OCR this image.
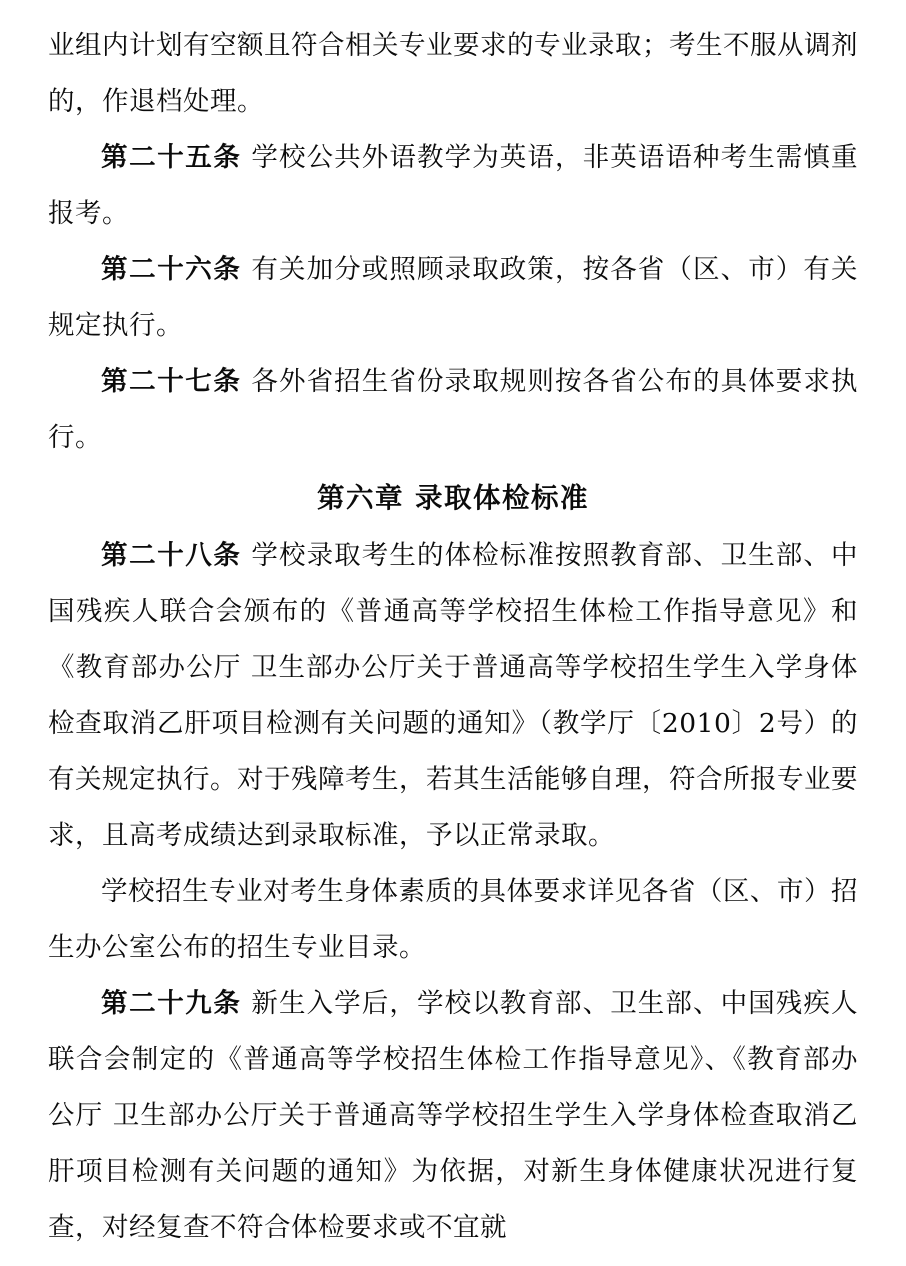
业组内计划有空额且符合相关专业要求的专业录取；考生不服从调剂的，作退档处理。

第二十五条 学校公共外语教学为英语，非英语语种考生需慎重报考。

第二十六条 有关加分或照顾录取政策，按各省（区、市）有关规定执行。

第二十七条 各外省招生省份录取规则按各省公布的具体要求执行。

第六章 录取体检标准

第二十八条 学校录取考生的体检标准按照教育部、卫生部、中国残疾人联合会颁布的《普通高等学校招生体检工作指导意见》和《教育部办公厅 卫生部办公厅关于普通高等学校招生学生入学身体检查取消乙肝项目检测有关问题的通知》（教学厅〔2010〕2号）的有关规定执行。对于残障考生，若其生活能够自理，符合所报专业要求，且高考成绩达到录取标准，予以正常录取。

学校招生专业对考生身体素质的具体要求详见各省（区、市）招生办公室公布的招生专业目录。

第二十九条 新生入学后，学校以教育部、卫生部、中国残疾人联合会制定的《普通高等学校招生体检工作指导意见》、《教育部办公厅 卫生部办公厅关于普通高等学校招生学生入学身体检查取消乙肝项目检测有关问题的通知》为依据，对新生身体健康状况进行复查，对经复查不符合体检要求或不宜就
